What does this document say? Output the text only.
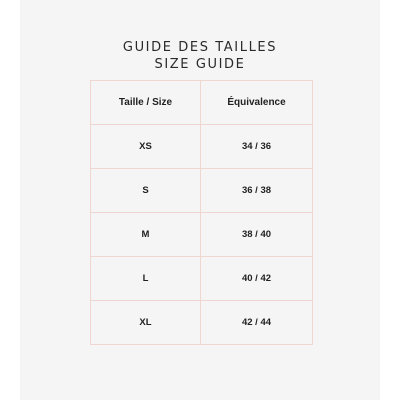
GUIDE DES TAILLES
SIZE GUIDE
Taille / Size	Équivalence
XS	34 / 36
S	36 / 38
M	38 / 40
L	40 / 42
XL	42 / 44
